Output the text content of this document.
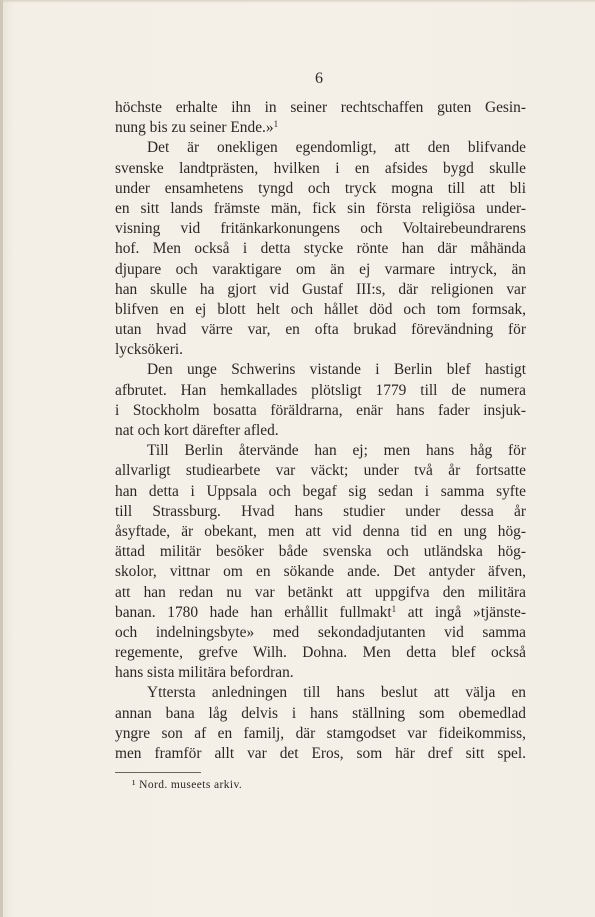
6
höchste erhalte ihn in seiner rechtschaffen guten Gesin-
nung bis zu seiner Ende.»$^1$
Det är onekligen egendomligt, att den blifvande
svenske landtprästen, hvilken i en afsides bygd skulle
under ensamhetens tyngd och tryck mogna till att bli
en sitt lands främste män, fick sin första religiösa under-
visning vid fritänkarkonungens och Voltairebeundrarens
hof. Men också i detta stycke rönte han där måhända
djupare och varaktigare om än ej varmare intryck, än
han skulle ha gjort vid Gustaf III:s, där religionen var
blifven en ej blott helt och hållet död och tom formsak,
utan hvad värre var, en ofta brukad förevändning för
lycksökeri.
Den unge Schwerins vistande i Berlin blef hastigt
afbrutet. Han hemkallades plötsligt 1779 till de numera
i Stockholm bosatta föräldrarna, enär hans fader insjuk-
nat och kort därefter afled.
Till Berlin återvände han ej; men hans håg för
allvarligt studiearbete var väckt; under två år fortsatte
han detta i Uppsala och begaf sig sedan i samma syfte
till Strassburg. Hvad hans studier under dessa år
åsyftade, är obekant, men att vid denna tid en ung hög-
ättad militär besöker både svenska och utländska hög-
skolor, vittnar om en sökande ande. Det antyder äfven,
att han redan nu var betänkt att uppgifva den militära
banan. 1780 hade han erhållit fullmakt$^1$ att ingå »tjänste-
och indelningsbyte» med sekondadjutanten vid samma
regemente, grefve Wilh. Dohna. Men detta blef också
hans sista militära befordran.
Yttersta anledningen till hans beslut att välja en
annan bana låg delvis i hans ställning som obemedlad
yngre son af en familj, där stamgodset var fideikommiss,
men framför allt var det Eros, som här dref sitt spel.
¹ Nord. museets arkiv.
